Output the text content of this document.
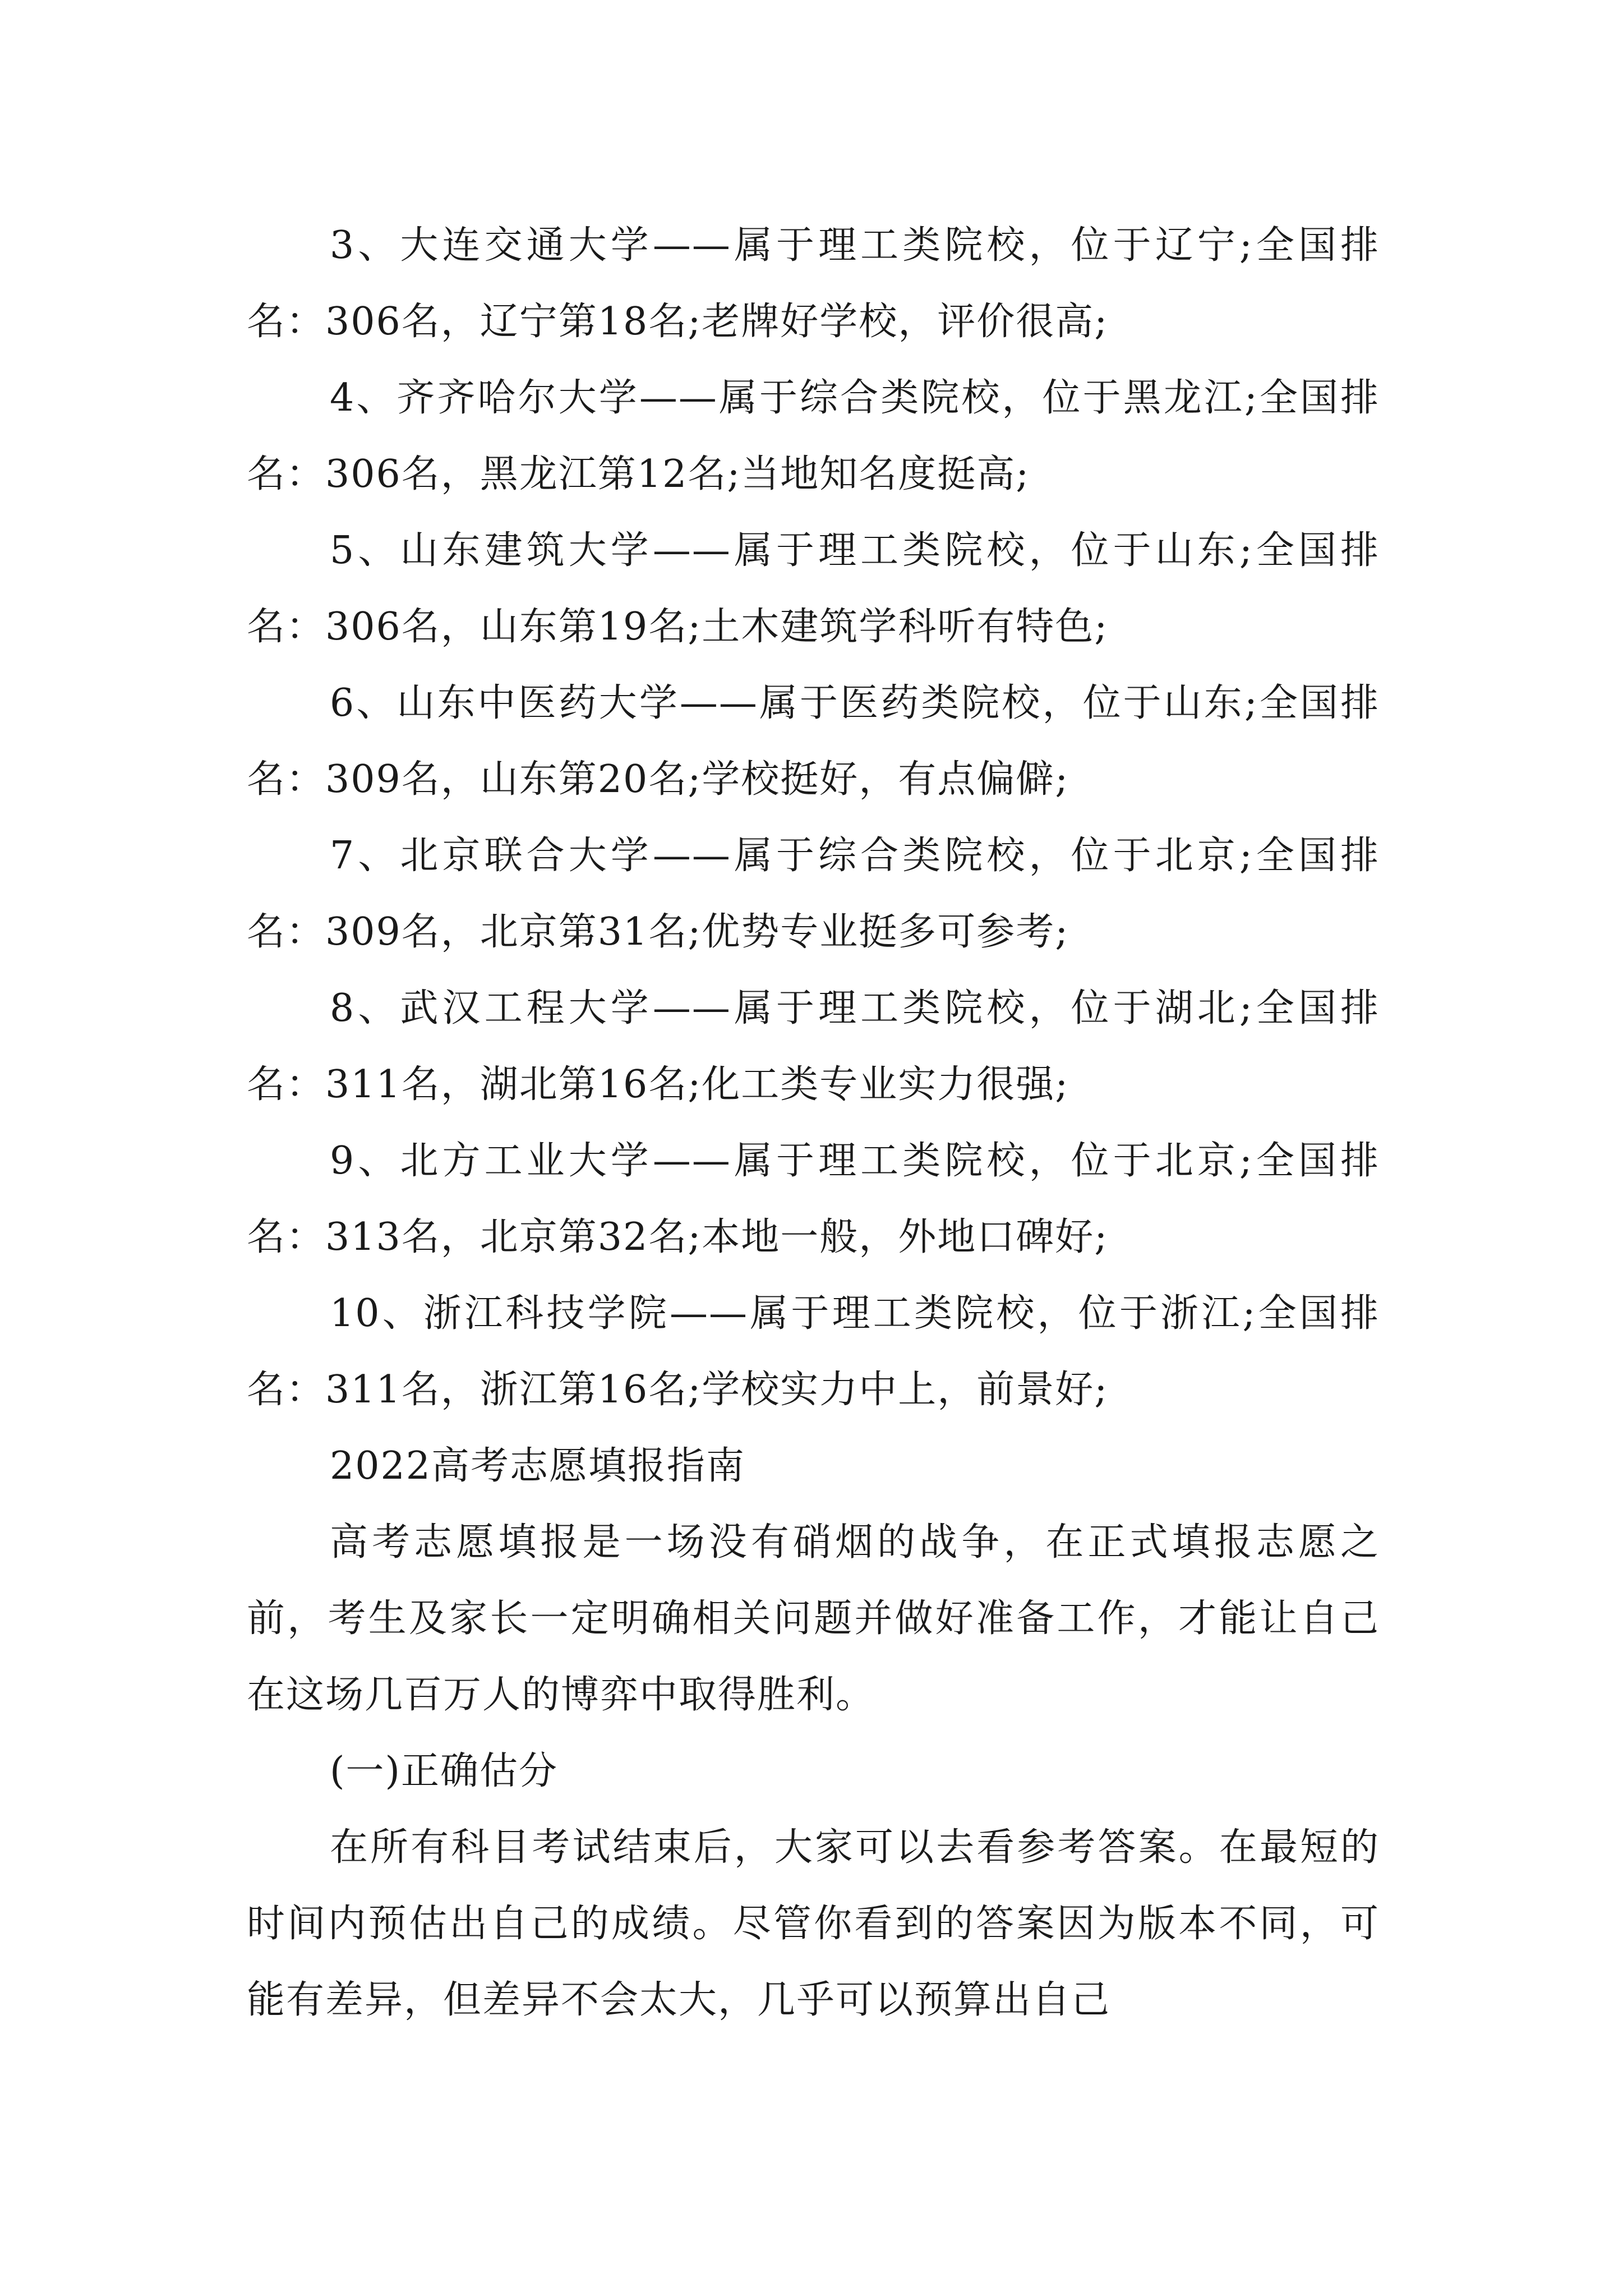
3、大连交通大学——属于理工类院校，位于辽宁;全国排名：306名，辽宁第18名;老牌好学校，评价很高;

4、齐齐哈尔大学——属于综合类院校，位于黑龙江;全国排名：306名，黑龙江第12名;当地知名度挺高;

5、山东建筑大学——属于理工类院校，位于山东;全国排名：306名，山东第19名;土木建筑学科听有特色;

6、山东中医药大学——属于医药类院校，位于山东;全国排名：309名，山东第20名;学校挺好，有点偏僻;

7、北京联合大学——属于综合类院校，位于北京;全国排名：309名，北京第31名;优势专业挺多可参考;

8、武汉工程大学——属于理工类院校，位于湖北;全国排名：311名，湖北第16名;化工类专业实力很强;

9、北方工业大学——属于理工类院校，位于北京;全国排名：313名，北京第32名;本地一般，外地口碑好;

10、浙江科技学院——属于理工类院校，位于浙江;全国排名：311名，浙江第16名;学校实力中上，前景好;

2022高考志愿填报指南

高考志愿填报是一场没有硝烟的战争，在正式填报志愿之前，考生及家长一定明确相关问题并做好准备工作，才能让自己在这场几百万人的博弈中取得胜利。

(一)正确估分

在所有科目考试结束后，大家可以去看参考答案。在最短的时间内预估出自己的成绩。尽管你看到的答案因为版本不同，可能有差异，但差异不会太大，几乎可以预算出自己
